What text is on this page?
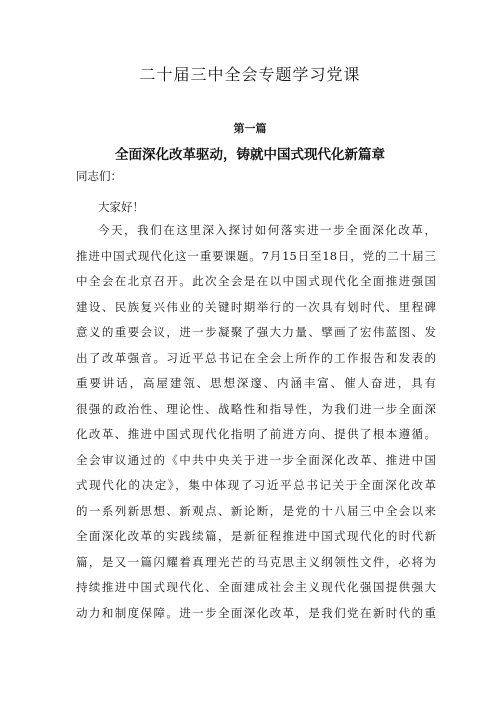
二十届三中全会专题学习党课
第一篇
全面深化改革驱动，铸就中国式现代化新篇章
同志们：
大家好！
今天，我们在这里深入探讨如何落实进一步全面深化改革，
推进中国式现代化这一重要课题。7月15日至18日，党的二十届三
中全会在北京召开。此次全会是在以中国式现代化全面推进强国
建设、民族复兴伟业的关键时期举行的一次具有划时代、里程碑
意义的重要会议，进一步凝聚了强大力量、擘画了宏伟蓝图、发
出了改革强音。习近平总书记在全会上所作的工作报告和发表的
重要讲话，高屋建瓴、思想深邃、内涵丰富、催人奋进，具有
很强的政治性、理论性、战略性和指导性，为我们进一步全面深
化改革、推进中国式现代化指明了前进方向、提供了根本遵循。
全会审议通过的《中共中央关于进一步全面深化改革、推进中国
式现代化的决定》，集中体现了习近平总书记关于全面深化改革
的一系列新思想、新观点、新论断，是党的十八届三中全会以来
全面深化改革的实践续篇，是新征程推进中国式现代化的时代新
篇，是又一篇闪耀着真理光芒的马克思主义纲领性文件，必将为
持续推进中国式现代化、全面建成社会主义现代化强国提供强大
动力和制度保障。进一步全面深化改革，是我们党在新时代的重
